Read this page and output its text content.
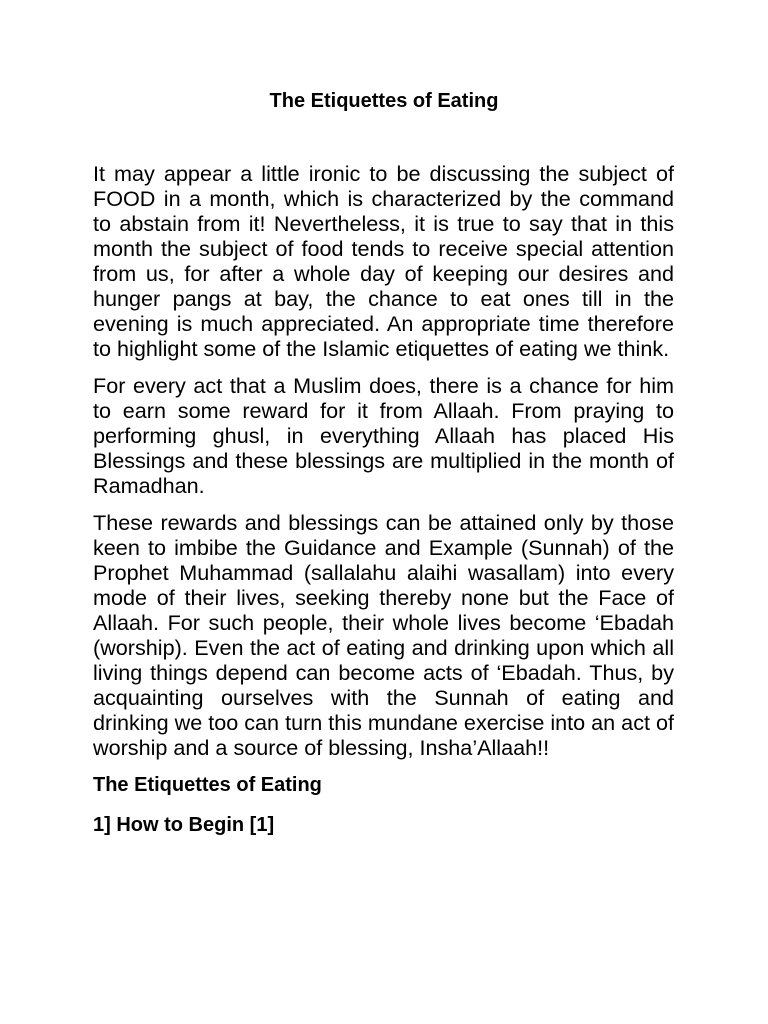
The Etiquettes of Eating

It may appear a little ironic to be discussing the subject of FOOD in a month, which is characterized by the command to abstain from it! Nevertheless, it is true to say that in this month the subject of food tends to receive special attention from us, for after a whole day of keeping our desires and hunger pangs at bay, the chance to eat ones till in the evening is much appreciated. An appropriate time therefore to highlight some of the Islamic etiquettes of eating we think.

For every act that a Muslim does, there is a chance for him to earn some reward for it from Allaah. From praying to performing ghusl, in everything Allaah has placed His Blessings and these blessings are multiplied in the month of Ramadhan.

These rewards and blessings can be attained only by those keen to imbibe the Guidance and Example (Sunnah) of the Prophet Muhammad (sallalahu alaihi wasallam) into every mode of their lives, seeking thereby none but the Face of Allaah. For such people, their whole lives become ‘Ebadah (worship). Even the act of eating and drinking upon which all living things depend can become acts of ‘Ebadah. Thus, by acquainting ourselves with the Sunnah of eating and drinking we too can turn this mundane exercise into an act of worship and a source of blessing, Insha’Allaah!!

The Etiquettes of Eating
1] How to Begin [1]
